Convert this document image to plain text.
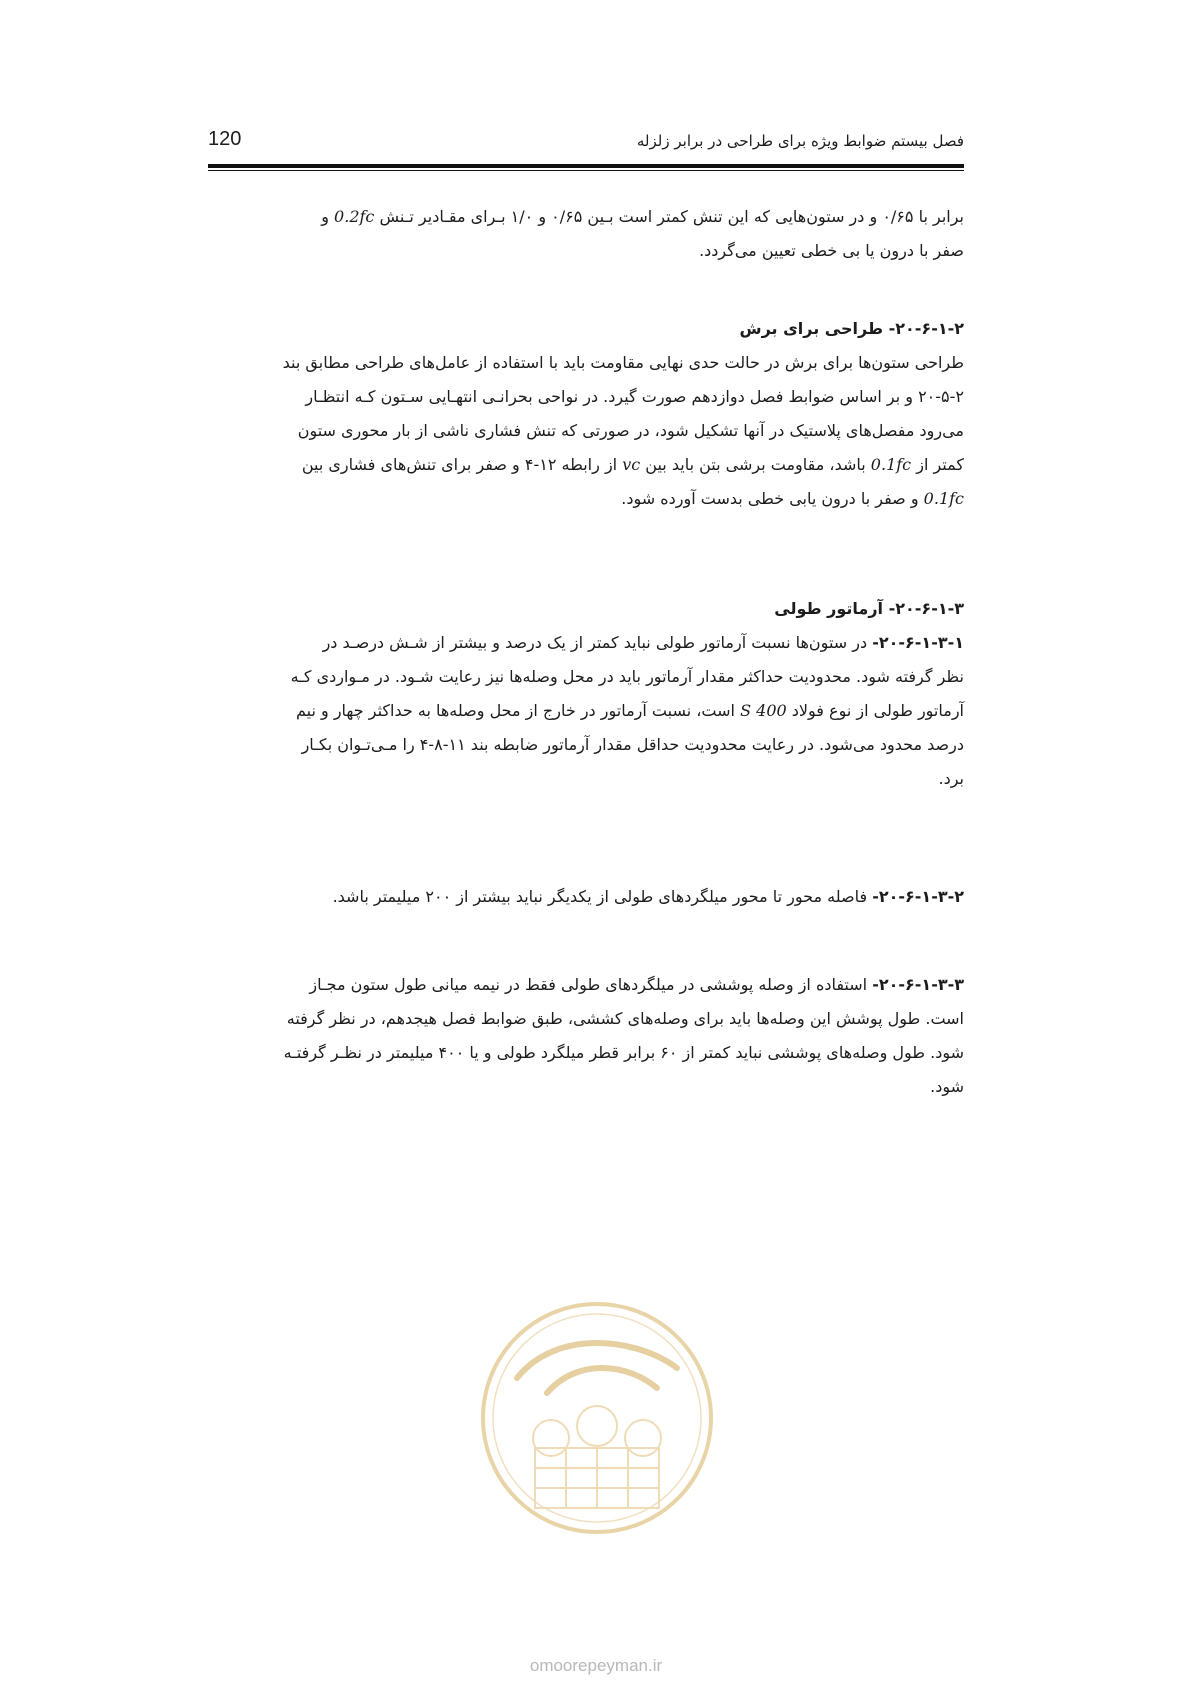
120	فصل بیستم ضوابط ویژه برای طراحی در برابر زلزله

برابر با ۰/۶۵ و در ستون‌هایی که این تنش کمتر است بـین ۰/۶۵ و ۱/۰ بـرای مقـادیر تـنش 0.2fc و

صفر با درون یا بی خطی تعیین می‌گردد.

۲۰-۶-۱-۲- طراحی برای برش

طراحی ستون‌ها برای برش در حالت حدی نهایی مقاومت باید با استفاده از عامل‌های طراحی مطابق بند

۲۰-۵-۲ و بر اساس ضوابط فصل دوازدهم صورت گیرد. در نواحی بحرانـی انتهـایی سـتون کـه انتظـار

می‌رود مفصل‌های پلاستیک در آنها تشکیل شود، در صورتی که تنش فشاری ناشی از بار محوری ستون

کمتر از 0.1fc باشد، مقاومت برشی بتن باید بین vc از رابطه ۱۲-۴ و صفر برای تنش‌های فشاری بین

0.1fc و صفر با درون یابی خطی بدست آورده شود.

۲۰-۶-۱-۳- آرماتور طولی

۲۰-۶-۱-۳-۱- در ستون‌ها نسبت آرماتور طولی نباید کمتر از یک درصد و بیشتر از شـش درصـد در

نظر گرفته شود. محدودیت حداکثر مقدار آرماتور باید در محل وصله‌ها نیز رعایت شـود. در مـواردی کـه

آرماتور طولی از نوع فولاد S 400 است، نسبت آرماتور در خارج از محل وصله‌ها به حداکثر چهار و نیم

درصد محدود می‌شود. در رعایت محدودیت حداقل مقدار آرماتور ضابطه بند ۱۱-۸-۴ را مـی‌تـوان بکـار

برد.

۲۰-۶-۱-۳-۲- فاصله محور تا محور میلگردهای طولی از یکدیگر نباید بیشتر از ۲۰۰ میلیمتر باشد.

۲۰-۶-۱-۳-۳- استفاده از وصله پوششی در میلگردهای طولی فقط در نیمه میانی طول ستون مجـاز

است. طول پوشش این وصله‌ها باید برای وصله‌های کششی، طبق ضوابط فصل هیجدهم، در نظر گرفته

شود. طول وصله‌های پوششی نباید کمتر از ۶۰ برابر قطر میلگرد طولی و یا ۴۰۰ میلیمتر در نظـر گرفتـه

شود.

omoorepeyman.ir
